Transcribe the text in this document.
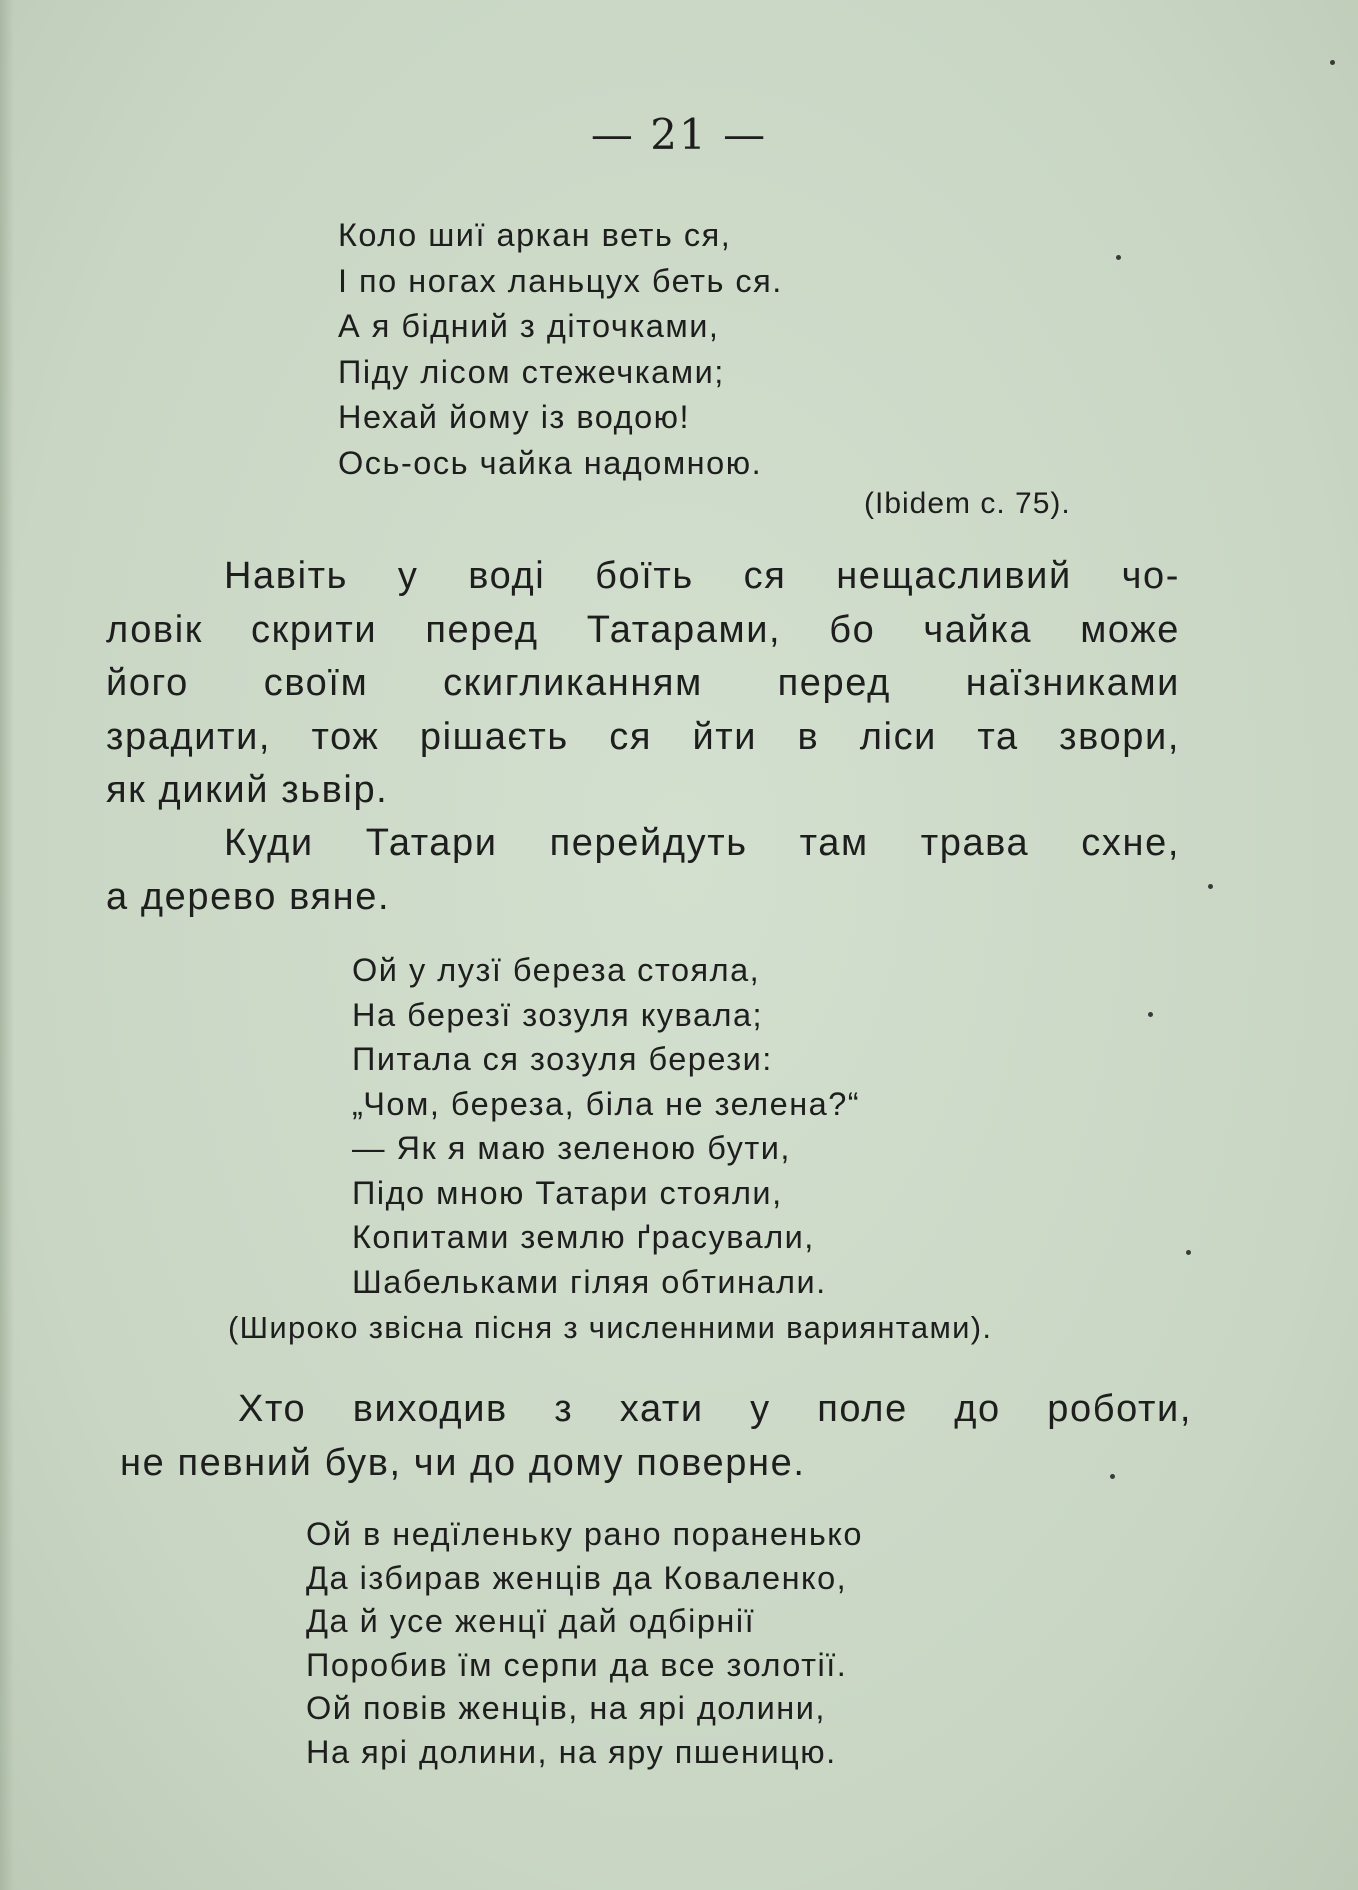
— 21 —
Коло шиї аркан веть ся,
І по ногах ланьцух беть ся.
А я бідний з діточками,
Піду лісом стежечками;
Нехай йому із водою!
Ось-ось чайка надомною.
(Ibidem с. 75).
Навіть у воді боїть ся нещасливий чо-
ловік скрити перед Татарами, бо чайка може
його своїм скигликанням перед наїзниками
зрадити, тож рішаєть ся йти в ліси та звори,
як дикий зьвір.
Куди Татари перейдуть там трава схне,
а дерево вяне.
Ой у лузї береза стояла,
На березї зозуля кувала;
Питала ся зозуля берези:
„Чом, береза, біла не зелена?“
— Як я маю зеленою бути,
Підо мною Татари стояли,
Копитами землю ґрасували,
Шабельками гіляя обтинали.
(Широко звісна пісня з численними вариянтами).
Хто виходив з хати у поле до роботи,
не певний був, чи до дому поверне.
Ой в недїленьку рано пораненько
Да ізбирав женців да Коваленко,
Да й усе женцї дай одбірнії
Поробив їм серпи да все золотії.
Ой повів женців, на ярі долини,
На ярі долини, на яру пшеницю.
